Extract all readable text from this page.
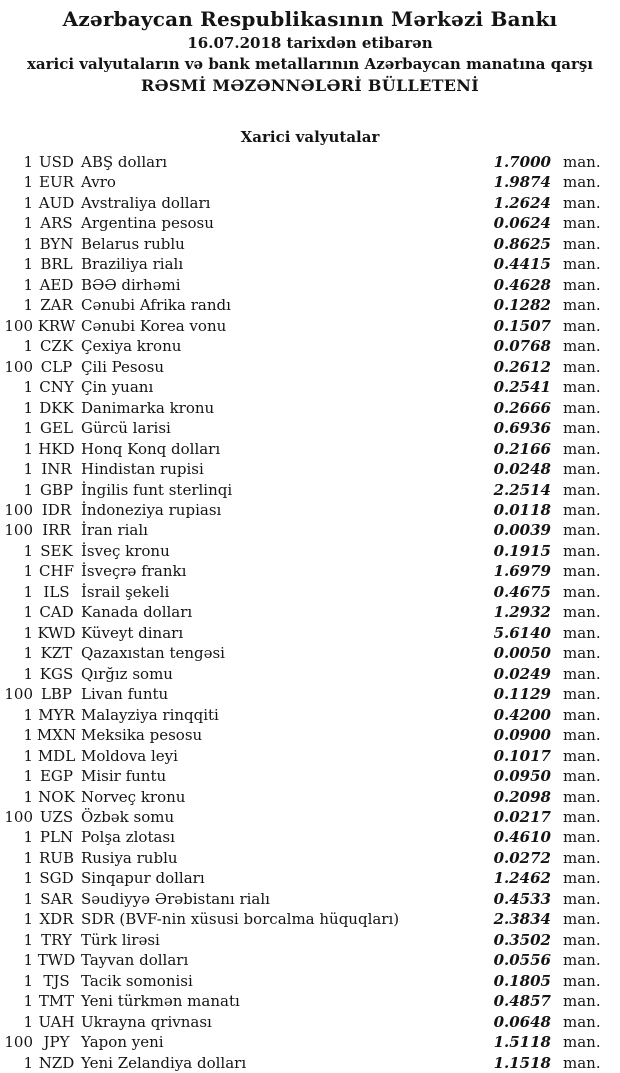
Azərbaycan Respublikasının Mərkəzi Bankı
16.07.2018 tarixdən etibarən
xarici valyutaların və bank metallarının Azərbaycan manatına qarşı
RƏSMİ MƏZƏNNƏLƏRİ BÜLLETENİ
Xarici valyutalar
1 USD ABŞ dolları	1.7000 man.
1 EUR Avro	1.9874 man.
1 AUD Avstraliya dolları	1.2624 man.
1 ARS Argentina pesosu	0.0624 man.
1 BYN Belarus rublu	0.8625 man.
1 BRL Braziliya rialı	0.4415 man.
1 AED BƏƏ dirhəmi	0.4628 man.
1 ZAR Cənubi Afrika randı	0.1282 man.
100 KRW Cənubi Korea vonu	0.1507 man.
1 CZK Çexiya kronu	0.0768 man.
100 CLP Çili Pesosu	0.2612 man.
1 CNY Çin yuanı	0.2541 man.
1 DKK Danimarka kronu	0.2666 man.
1 GEL Gürcü larisi	0.6936 man.
1 HKD Honq Konq dolları	0.2166 man.
1 INR Hindistan rupisi	0.0248 man.
1 GBP İngilis funt sterlinqi	2.2514 man.
100 IDR İndoneziya rupiası	0.0118 man.
100 IRR İran rialı	0.0039 man.
1 SEK İsveç kronu	0.1915 man.
1 CHF İsveçrə frankı	1.6979 man.
1 ILS İsrail şekeli	0.4675 man.
1 CAD Kanada dolları	1.2932 man.
1 KWD Küveyt dinarı	5.6140 man.
1 KZT Qazaxıstan tengəsi	0.0050 man.
1 KGS Qırğız somu	0.0249 man.
100 LBP Livan funtu	0.1129 man.
1 MYR Malayziya rinqqiti	0.4200 man.
1 MXN Meksika pesosu	0.0900 man.
1 MDL Moldova leyi	0.1017 man.
1 EGP Misir funtu	0.0950 man.
1 NOK Norveç kronu	0.2098 man.
100 UZS Özbək somu	0.0217 man.
1 PLN Polşa zlotası	0.4610 man.
1 RUB Rusiya rublu	0.0272 man.
1 SGD Sinqapur dolları	1.2462 man.
1 SAR Səudiyyə Ərəbistanı rialı	0.4533 man.
1 XDR SDR (BVF-nin xüsusi borcalma hüquqları)	2.3834 man.
1 TRY Türk lirəsi	0.3502 man.
1 TWD Tayvan dolları	0.0556 man.
1 TJS Tacik somonisi	0.1805 man.
1 TMT Yeni türkmən manatı	0.4857 man.
1 UAH Ukrayna qrivnası	0.0648 man.
100 JPY Yapon yeni	1.5118 man.
1 NZD Yeni Zelandiya dolları	1.1518 man.
